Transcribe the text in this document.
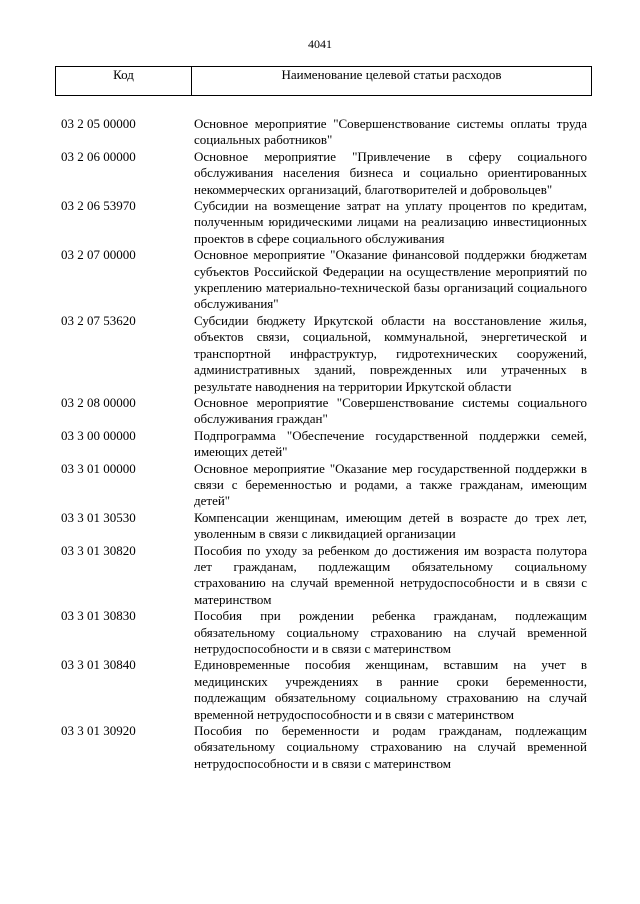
4041
Код	Наименование целевой статьи расходов
03 2 05 00000	Основное мероприятие "Совершенствование системы оплаты труда социальных работников"
03 2 06 00000	Основное мероприятие "Привлечение в сферу социального обслуживания населения бизнеса и социально ориентированных некоммерческих организаций, благотворителей и добровольцев"
03 2 06 53970	Субсидии на возмещение затрат на уплату процентов по кредитам, полученным юридическими лицами на реализацию инвестиционных проектов в сфере социального обслуживания
03 2 07 00000	Основное мероприятие "Оказание финансовой поддержки бюджетам субъектов Российской Федерации на осуществление мероприятий по укреплению материально-технической базы организаций социального обслуживания"
03 2 07 53620	Субсидии бюджету Иркутской области на восстановление жилья, объектов связи, социальной, коммунальной, энергетической и транспортной инфраструктур, гидротехнических сооружений, административных зданий, поврежденных или утраченных в результате наводнения на территории Иркутской области
03 2 08 00000	Основное мероприятие "Совершенствование системы социального обслуживания граждан"
03 3 00 00000	Подпрограмма "Обеспечение государственной поддержки семей, имеющих детей"
03 3 01 00000	Основное мероприятие "Оказание мер государственной поддержки в связи с беременностью и родами, а также гражданам, имеющим детей"
03 3 01 30530	Компенсации женщинам, имеющим детей в возрасте до трех лет, уволенным в связи с ликвидацией организации
03 3 01 30820	Пособия по уходу за ребенком до достижения им возраста полутора лет гражданам, подлежащим обязательному социальному страхованию на случай временной нетрудоспособности и в связи с материнством
03 3 01 30830	Пособия при рождении ребенка гражданам, подлежащим обязательному социальному страхованию на случай временной нетрудоспособности и в связи с материнством
03 3 01 30840	Единовременные пособия женщинам, вставшим на учет в медицинских учреждениях в ранние сроки беременности, подлежащим обязательному социальному страхованию на случай временной нетрудоспособности и в связи с материнством
03 3 01 30920	Пособия по беременности и родам гражданам, подлежащим обязательному социальному страхованию на случай временной нетрудоспособности и в связи с материнством
